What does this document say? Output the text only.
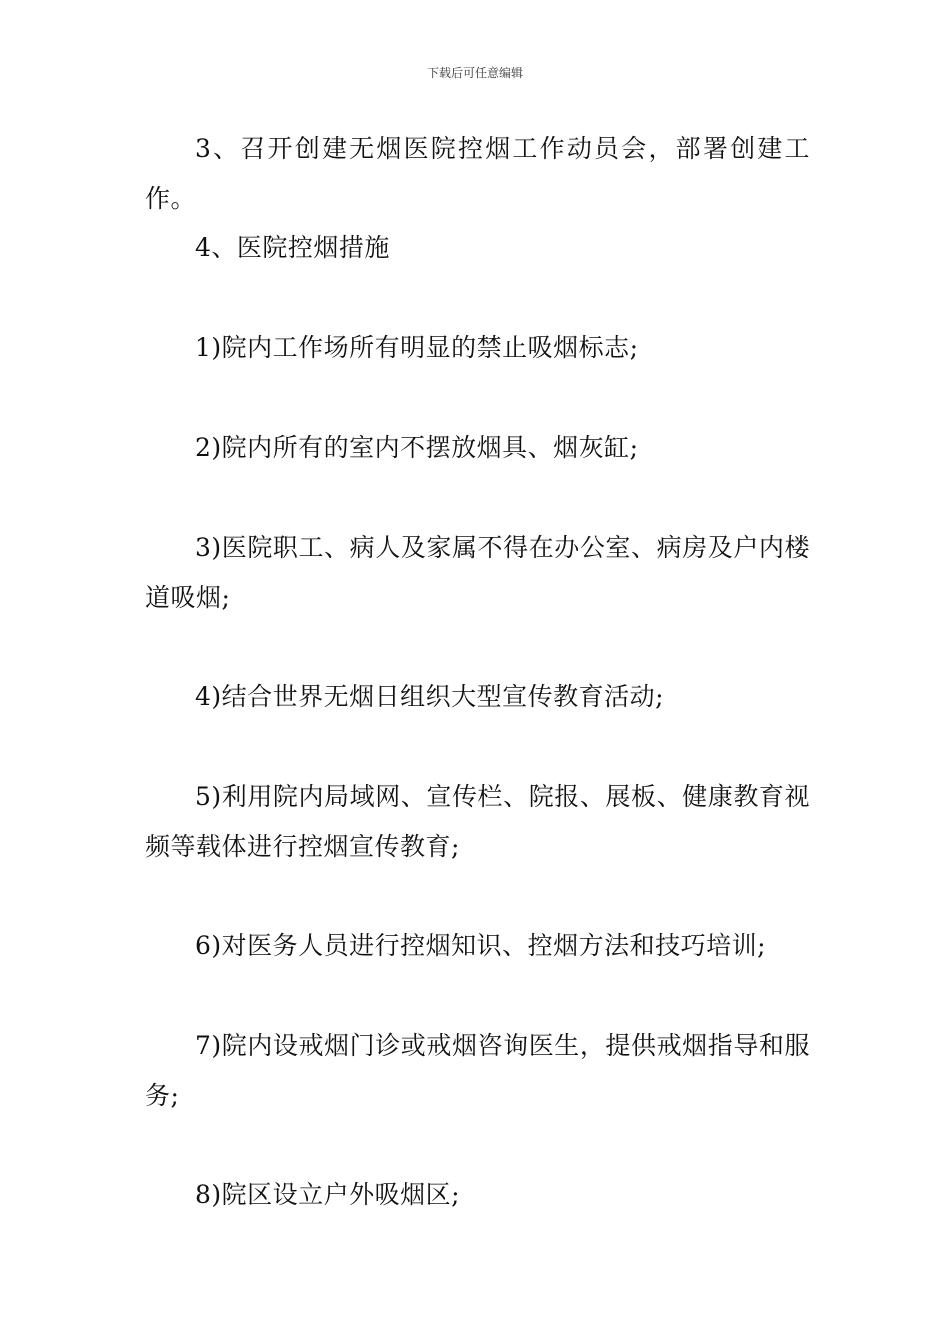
下载后可任意编辑

3、召开创建无烟医院控烟工作动员会，部署创建工作。

4、医院控烟措施

1)院内工作场所有明显的禁止吸烟标志;

2)院内所有的室内不摆放烟具、烟灰缸;

3)医院职工、病人及家属不得在办公室、病房及户内楼道吸烟;

4)结合世界无烟日组织大型宣传教育活动;

5)利用院内局域网、宣传栏、院报、展板、健康教育视频等载体进行控烟宣传教育;

6)对医务人员进行控烟知识、控烟方法和技巧培训;

7)院内设戒烟门诊或戒烟咨询医生，提供戒烟指导和服务;

8)院区设立户外吸烟区;
